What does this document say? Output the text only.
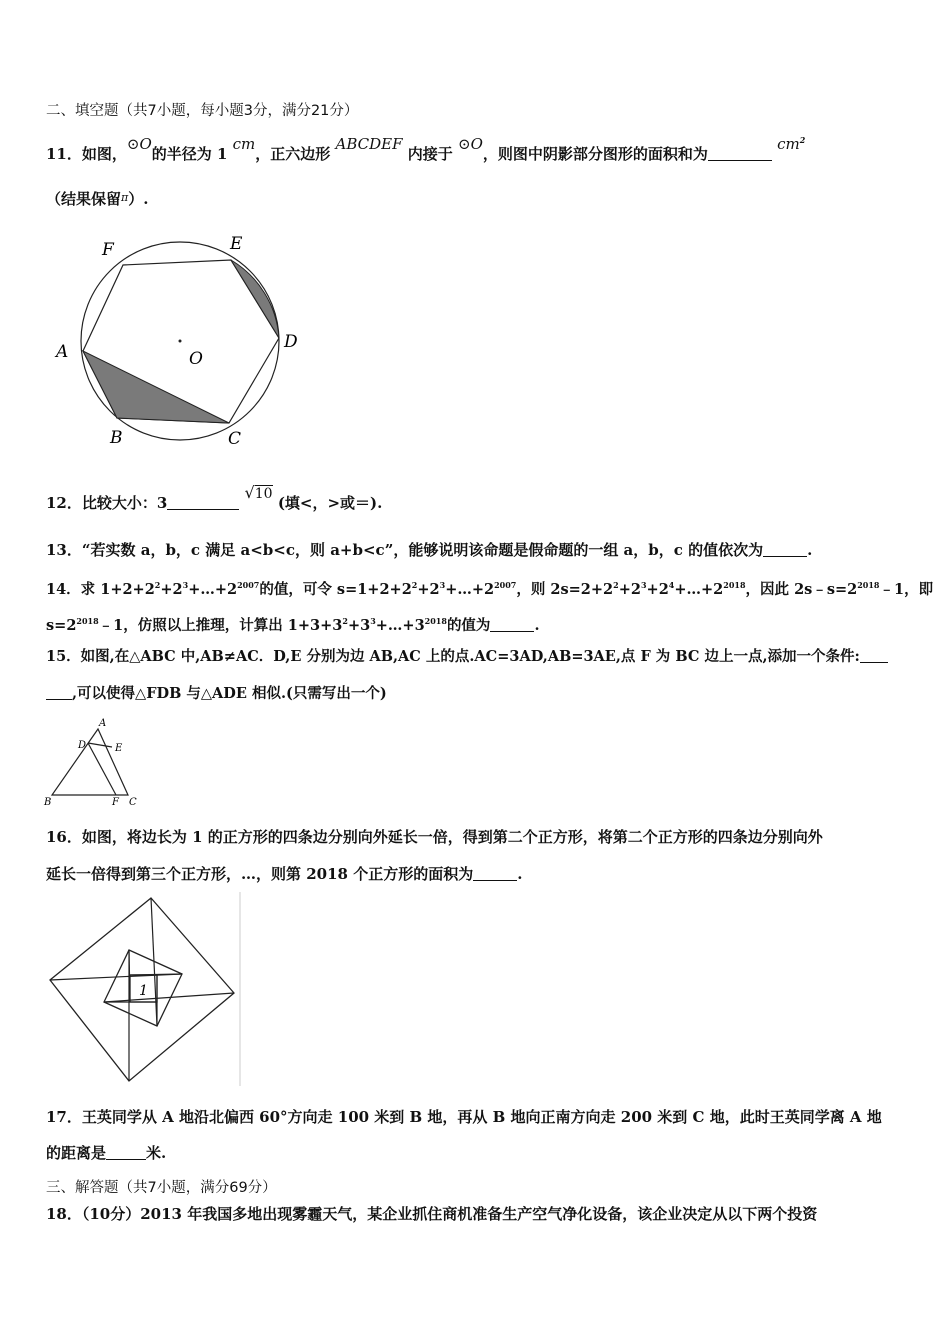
二、填空题（共7小题，每小题3分，满分21分）
11．如图，⊙O的半径为 1 cm，正六边形 ABCDEF 内接于 ⊙O，则图中阴影部分图形的面积和为 $cm^2$
（结果保留$^\pi$）.
F	E
A	D
O
B	C
12．比较大小：3 √10 (填<，>或＝).
13．“若实数 a，b，c 满足 a<b<c，则 a+b<c”，能够说明该命题是假命题的一组 a，b，c 的值依次为	.
14．求 $1+2+2^2+2^3+\dots+2^{2007}$的值，可令 $s=1+2+2^2+2^3+\dots+2^{2007}$，则 $2s=2+2^2+2^3+2^4+\dots+2^{2018}$，因此 $2s﹣s=2^{2018}﹣1$，即
$s=2^{2018}﹣1$，仿照以上推理，计算出 $1+3+3^2+3^3+\dots+3^{2018}$的值为	.
15．如图,在△ABC 中,AB≠AC．D,E 分别为边 AB,AC 上的点.AC=3AD,AB=3AE,点 F 为 BC 边上一点,添加一个条件:
,可以使得△FDB 与△ADE 相似.(只需写出一个)
A
D	E
B	F C
16．如图，将边长为 1 的正方形的四条边分别向外延长一倍，得到第二个正方形，将第二个正方形的四条边分别向外
延长一倍得到第三个正方形，…，则第 2018 个正方形的面积为	.
1
17．王英同学从 A 地沿北偏西 60°方向走 100 米到 B 地，再从 B 地向正南方向走 200 米到 C 地，此时王英同学离 A 地
的距离是	米.
三、解答题（共7小题，满分69分）
18．（10分）2013 年我国多地出现雾霾天气，某企业抓住商机准备生产空气净化设备，该企业决定从以下两个投资
